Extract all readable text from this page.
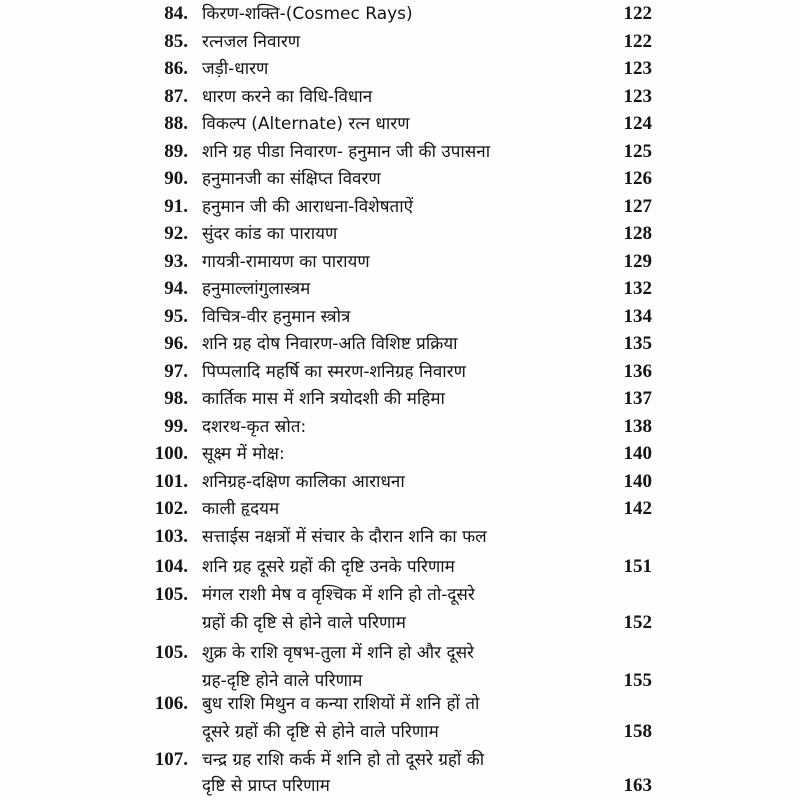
84. किरण-शक्ति-(Cosmec Rays)	122
85. रत्नजल निवारण	122
86. जड़ी-धारण	123
87. धारण करने का विधि-विधान	123
88. विकल्प (Alternate) रत्न धारण	124
89. शनि ग्रह पीडा निवारण- हनुमान जी की उपासना	125
90. हनुमानजी का संक्षिप्त विवरण	126
91. हनुमान जी की आराधना-विशेषताऐं	127
92. सुंदर कांड का पारायण	128
93. गायत्री-रामायण का पारायण	129
94. हनुमाल्लांगुलास्त्रम	132
95. विचित्र-वीर हनुमान स्त्रोत्र	134
96. शनि ग्रह दोष निवारण-अति विशिष्ट प्रक्रिया	135
97. पिप्पलादि महर्षि का स्मरण-शनिग्रह निवारण	136
98. कार्तिक मास में शनि त्रयोदशी की महिमा	137
99. दशरथ-कृत स्रोत:	138
100. सूक्ष्म में मोक्ष:	140
101. शनिग्रह-दक्षिण कालिका आराधना	140
102. काली हृदयम	142
103. सत्ताईस नक्षत्रों में संचार के दौरान शनि का फल
104. शनि ग्रह दूसरे ग्रहों की दृष्टि उनके परिणाम	151
105. मंगल राशी मेष व वृश्चिक में शनि हो तो-दूसरे
ग्रहों की दृष्टि से होने वाले परिणाम	152
105. शुक्र के राशि वृषभ-तुला में शनि हो और दूसरे
ग्रह-दृष्टि होने वाले परिणाम	155
106. बुध राशि मिथुन व कन्या राशियों में शनि हों तो
दूसरे ग्रहों की दृष्टि से होने वाले परिणाम	158
107. चन्द्र ग्रह राशि कर्क में शनि हो तो दूसरे ग्रहों की
दृष्टि से प्राप्त परिणाम	163
